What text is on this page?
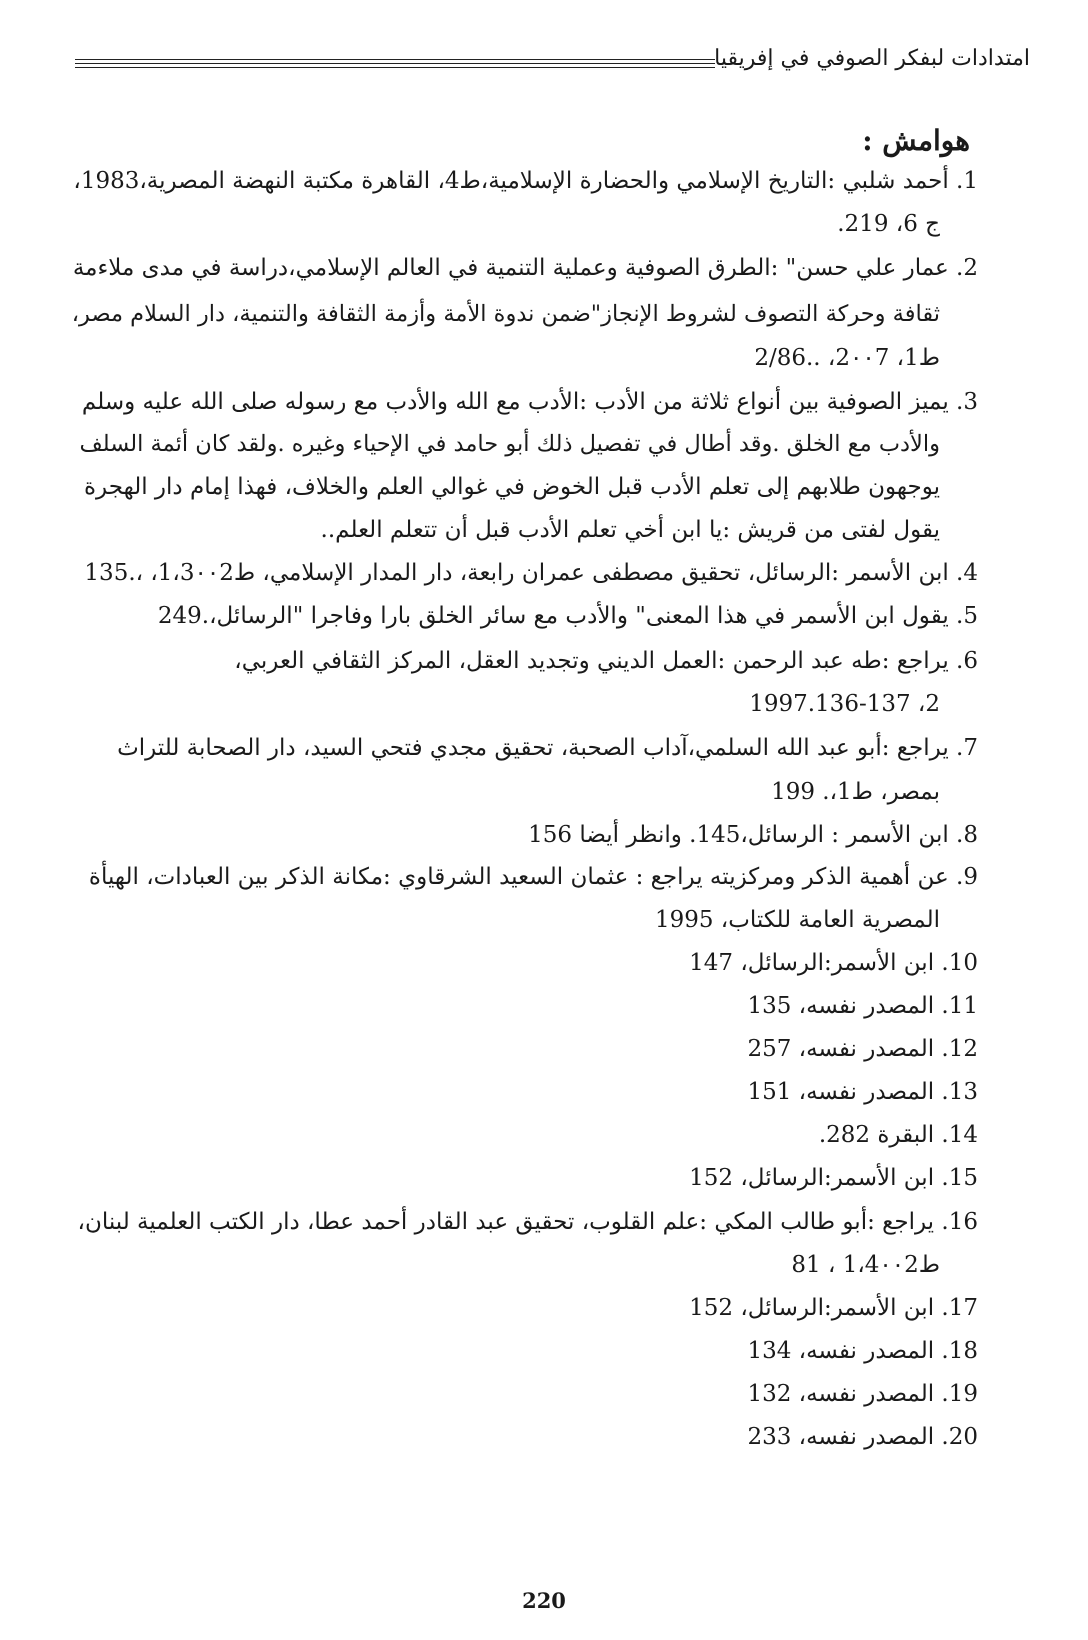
امتدادات لبفكر الصوفي في إفريقيا
هوامش :
1. أحمد شلبي :التاريخ الإسلامي والحضارة الإسلامية،ط4، القاهرة مكتبة النهضة المصرية،1983،
ج 6، 219.
2. عمار علي حسن" :الطرق الصوفية وعملية التنمية في العالم الإسلامي،دراسة في مدى ملاءمة
ثقافة وحركة التصوف لشروط الإنجاز"ضمن ندوة الأمة وأزمة الثقافة والتنمية، دار السلام مصر،
ط1، 2٠٠7، ..2/86
3. يميز الصوفية بين أنواع ثلاثة من الأدب :الأدب مع الله والأدب مع رسوله صلى الله عليه وسلم
والأدب مع الخلق .وقد أطال في تفصيل ذلك أبو حامد في الإحياء وغيره .ولقد كان أئمة السلف
يوجهون طلابهم إلى تعلم الأدب قبل الخوض في غوالي العلم والخلاف، فهذا إمام دار الهجرة
يقول لفتى من قريش :يا ابن أخي تعلم الأدب قبل أن تتعلم العلم..
4. ابن الأسمر :الرسائل، تحقيق مصطفى عمران رابعة، دار المدار الإسلامي، ط1،3٠٠2، ،.135
5. يقول ابن الأسمر في هذا المعنى" والأدب مع سائر الخلق بارا وفاجرا "الرسائل،.249
6. يراجع :طه عبد الرحمن :العمل الديني وتجديد العقل، المركز الثقافي العربي،
2، 1997.136-137
7. يراجع :أبو عبد الله السلمي،آداب الصحبة، تحقيق مجدي فتحي السيد، دار الصحابة للتراث
بمصر، ط1،. 199
8. ابن الأسمر : الرسائل،145. وانظر أيضا 156
9. عن أهمية الذكر ومركزيته يراجع : عثمان السعيد الشرقاوي :مكانة الذكر بين العبادات، الهيأة
المصرية العامة للكتاب، 1995
10. ابن الأسمر:الرسائل، 147
11. المصدر نفسه، 135
12. المصدر نفسه، 257
13. المصدر نفسه، 151
14. البقرة 282.
15. ابن الأسمر:الرسائل، 152
16. يراجع :أبو طالب المكي :علم القلوب، تحقيق عبد القادر أحمد عطا، دار الكتب العلمية لبنان،
ط1،4٠٠2 ، 81
17. ابن الأسمر:الرسائل، 152
18. المصدر نفسه، 134
19. المصدر نفسه، 132
20. المصدر نفسه، 233
220
